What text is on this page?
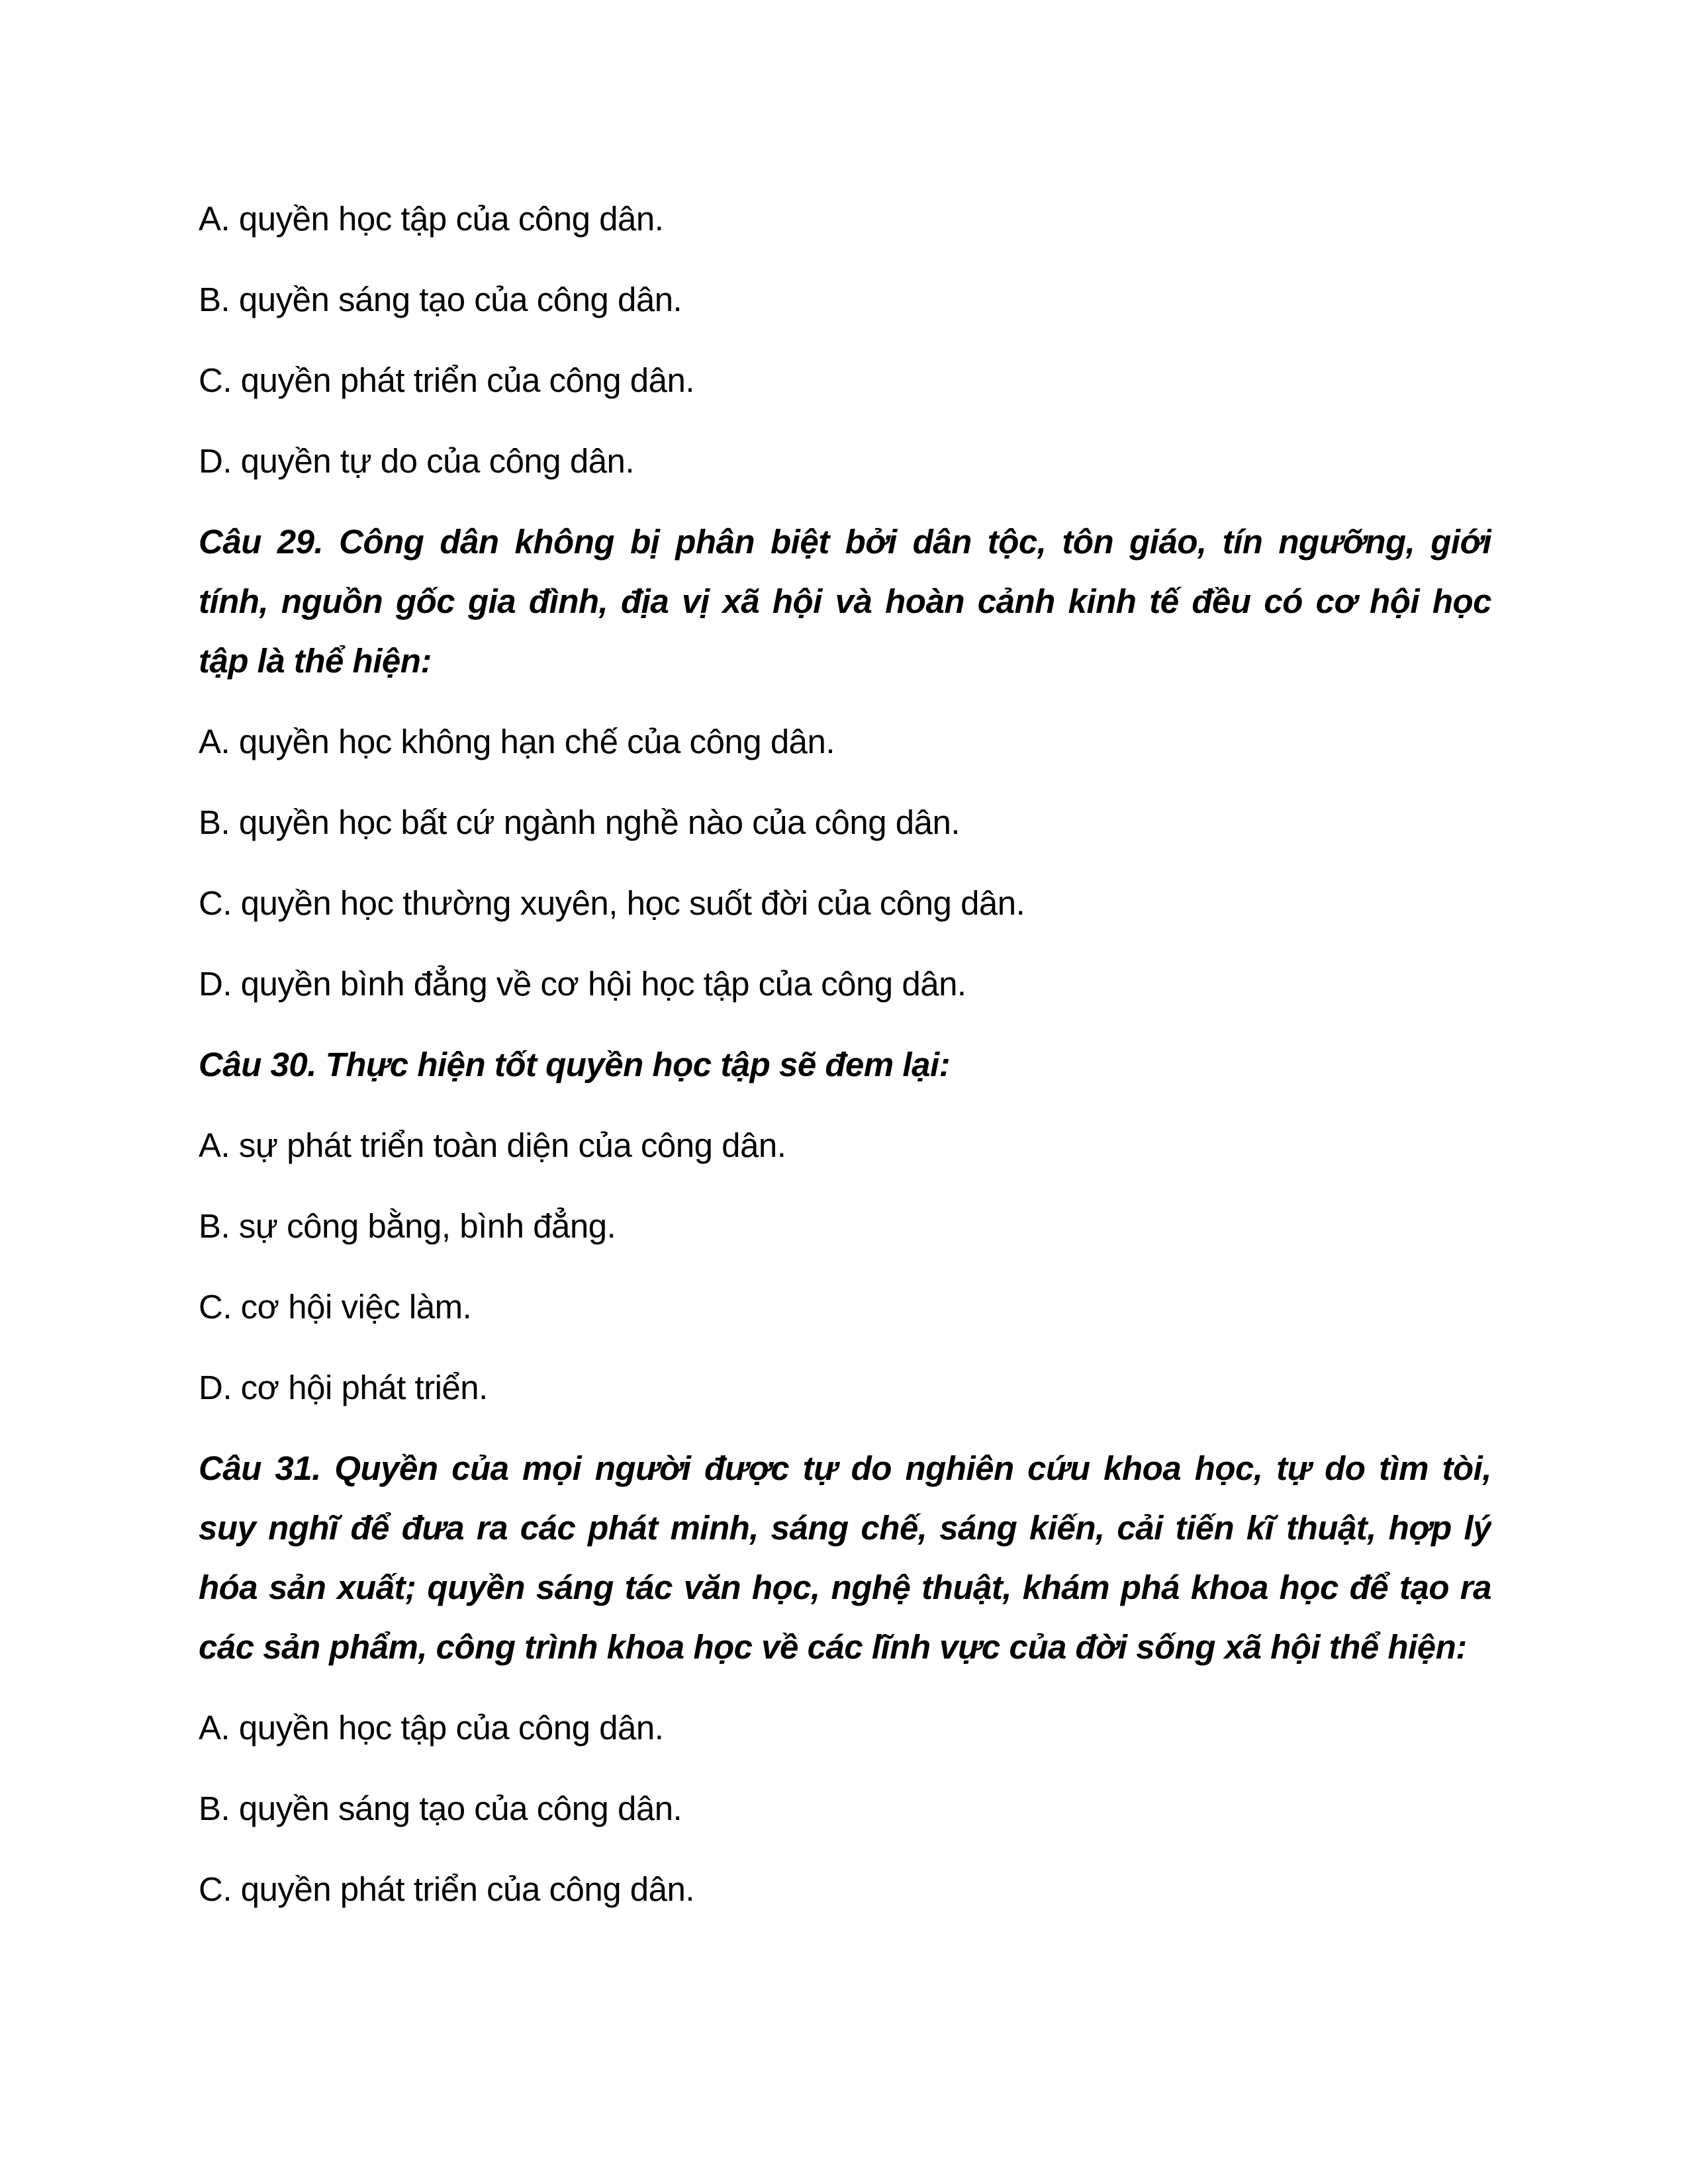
A. quyền học tập của công dân.
B. quyền sáng tạo của công dân.
C. quyền phát triển của công dân.
D. quyền tự do của công dân.
Câu 29. Công dân không bị phân biệt bởi dân tộc, tôn giáo, tín ngưỡng, giới
tính, nguồn gốc gia đình, địa vị xã hội và hoàn cảnh kinh tế đều có cơ hội học
tập là thể hiện:
A. quyền học không hạn chế của công dân.
B. quyền học bất cứ ngành nghề nào của công dân.
C. quyền học thường xuyên, học suốt đời của công dân.
D. quyền bình đẳng về cơ hội học tập của công dân.
Câu 30. Thực hiện tốt quyền học tập sẽ đem lại:
A. sự phát triển toàn diện của công dân.
B. sự công bằng, bình đẳng.
C. cơ hội việc làm.
D. cơ hội phát triển.
Câu 31. Quyền của mọi người được tự do nghiên cứu khoa học, tự do tìm tòi,
suy nghĩ để đưa ra các phát minh, sáng chế, sáng kiến, cải tiến kĩ thuật, hợp lý
hóa sản xuất; quyền sáng tác văn học, nghệ thuật, khám phá khoa học để tạo ra
các sản phẩm, công trình khoa học về các lĩnh vực của đời sống xã hội thể hiện:
A. quyền học tập của công dân.
B. quyền sáng tạo của công dân.
C. quyền phát triển của công dân.
